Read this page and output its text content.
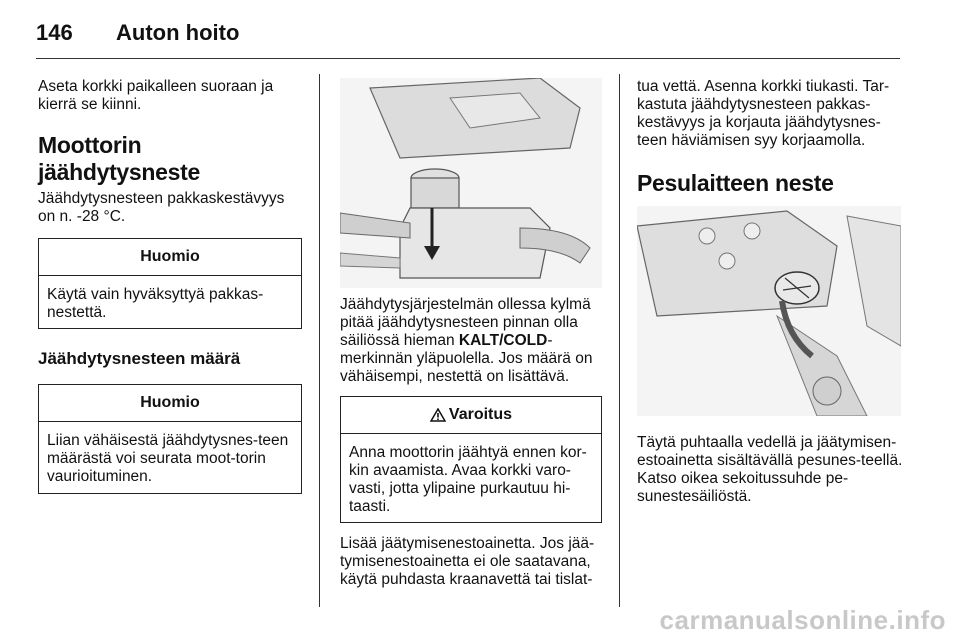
146 Auton hoito

Aseta korkki paikalleen suoraan ja kierrä se kiinni.

Moottorin jäähdytysneste

Jäähdytysnesteen pakkaskestävyys on n. -28 °C.

Huomio
Käytä vain hyväksyttyä pakkas-nestettä.

Jäähdytysnesteen määrä

Huomio
Liian vähäisestä jäähdytysnes-teen määrästä voi seurata moot-torin vaurioituminen.

Jäähdytysjärjestelmän ollessa kylmä pitää jäähdytysnesteen pinnan olla säiliössä hieman KALT/COLD-merkinnän yläpuolella. Jos määrä on vähäisempi, nestettä on lisättävä.

Varoitus
Anna moottorin jäähtyä ennen kor-kin avaamista. Avaa korkki varo-vasti, jotta ylipaine purkautuu hi-taasti.

Lisää jäätymisenestoainetta. Jos jää-tymisenestoainetta ei ole saatavana, käytä puhdasta kraanavettä tai tislat-

tua vettä. Asenna korkki tiukasti. Tar-kastuta jäähdytysnesteen pakkas-kestävyys ja korjauta jäähdytysnes-teen häviämisen syy korjaamolla.

Pesulaitteen neste

Täytä puhtaalla vedellä ja jäätymisen-estoainetta sisältävällä pesunes-teellä. Katso oikea sekoitussuhde pe-sunestesäiliöstä.

carmanualsonline.info
